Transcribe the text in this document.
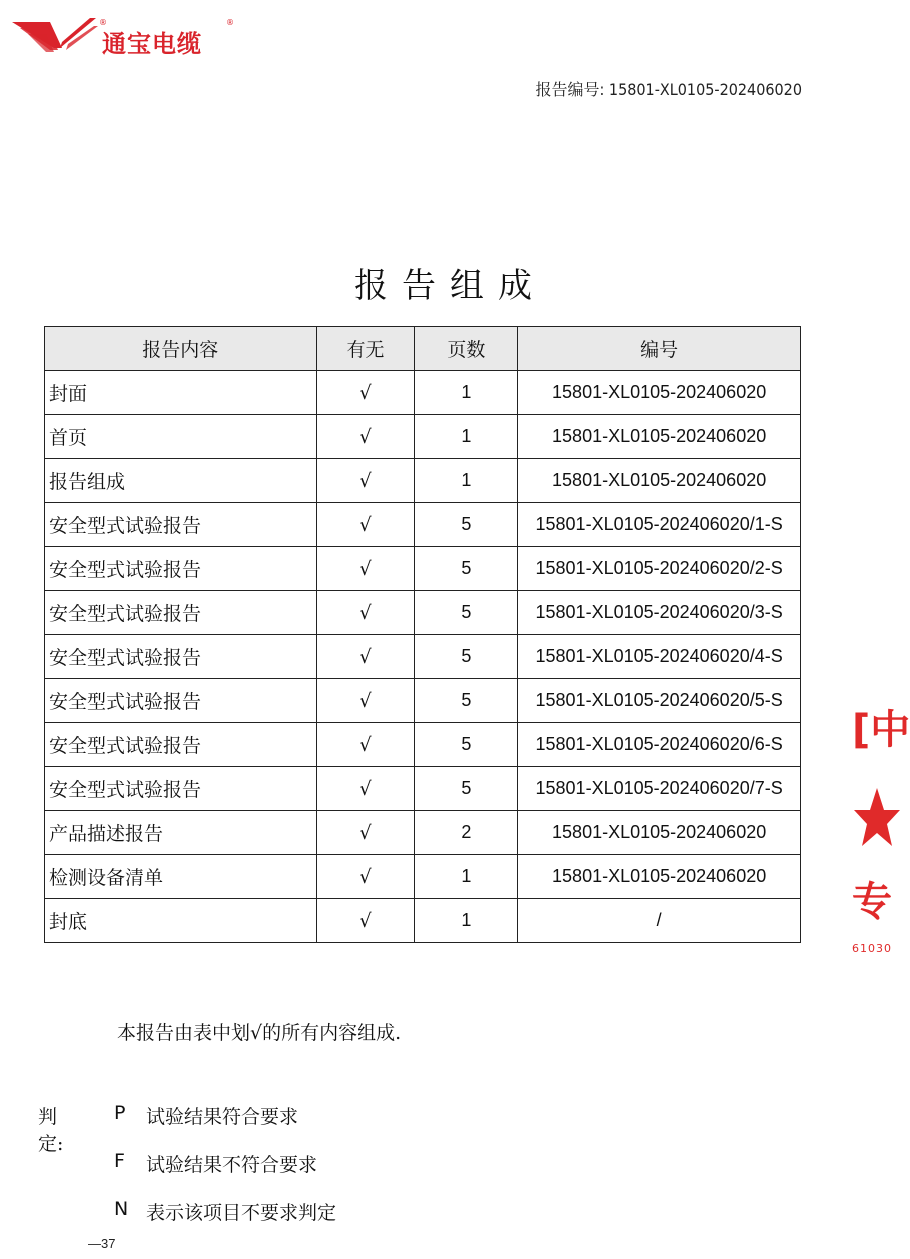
®
通宝电缆
®
报告编号: 15801-XL0105-202406020
报告组成
报告内容	有无	页数	编号
封面	√	1	15801-XL0105-202406020
首页	√	1	15801-XL0105-202406020
报告组成	√	1	15801-XL0105-202406020
安全型式试验报告	√	5	15801-XL0105-202406020/1-S
安全型式试验报告	√	5	15801-XL0105-202406020/2-S
安全型式试验报告	√	5	15801-XL0105-202406020/3-S
安全型式试验报告	√	5	15801-XL0105-202406020/4-S
安全型式试验报告	√	5	15801-XL0105-202406020/5-S
安全型式试验报告	√	5	15801-XL0105-202406020/6-S
安全型式试验报告	√	5	15801-XL0105-202406020/7-S
产品描述报告	√	2	15801-XL0105-202406020
检测设备清单	√	1	15801-XL0105-202406020
封底	√	1	/
本报告由表中划√的所有内容组成.
判定:
P 试验结果符合要求
F 试验结果不符合要求
N 表示该项目不要求判定
—37
[中
专
61030
